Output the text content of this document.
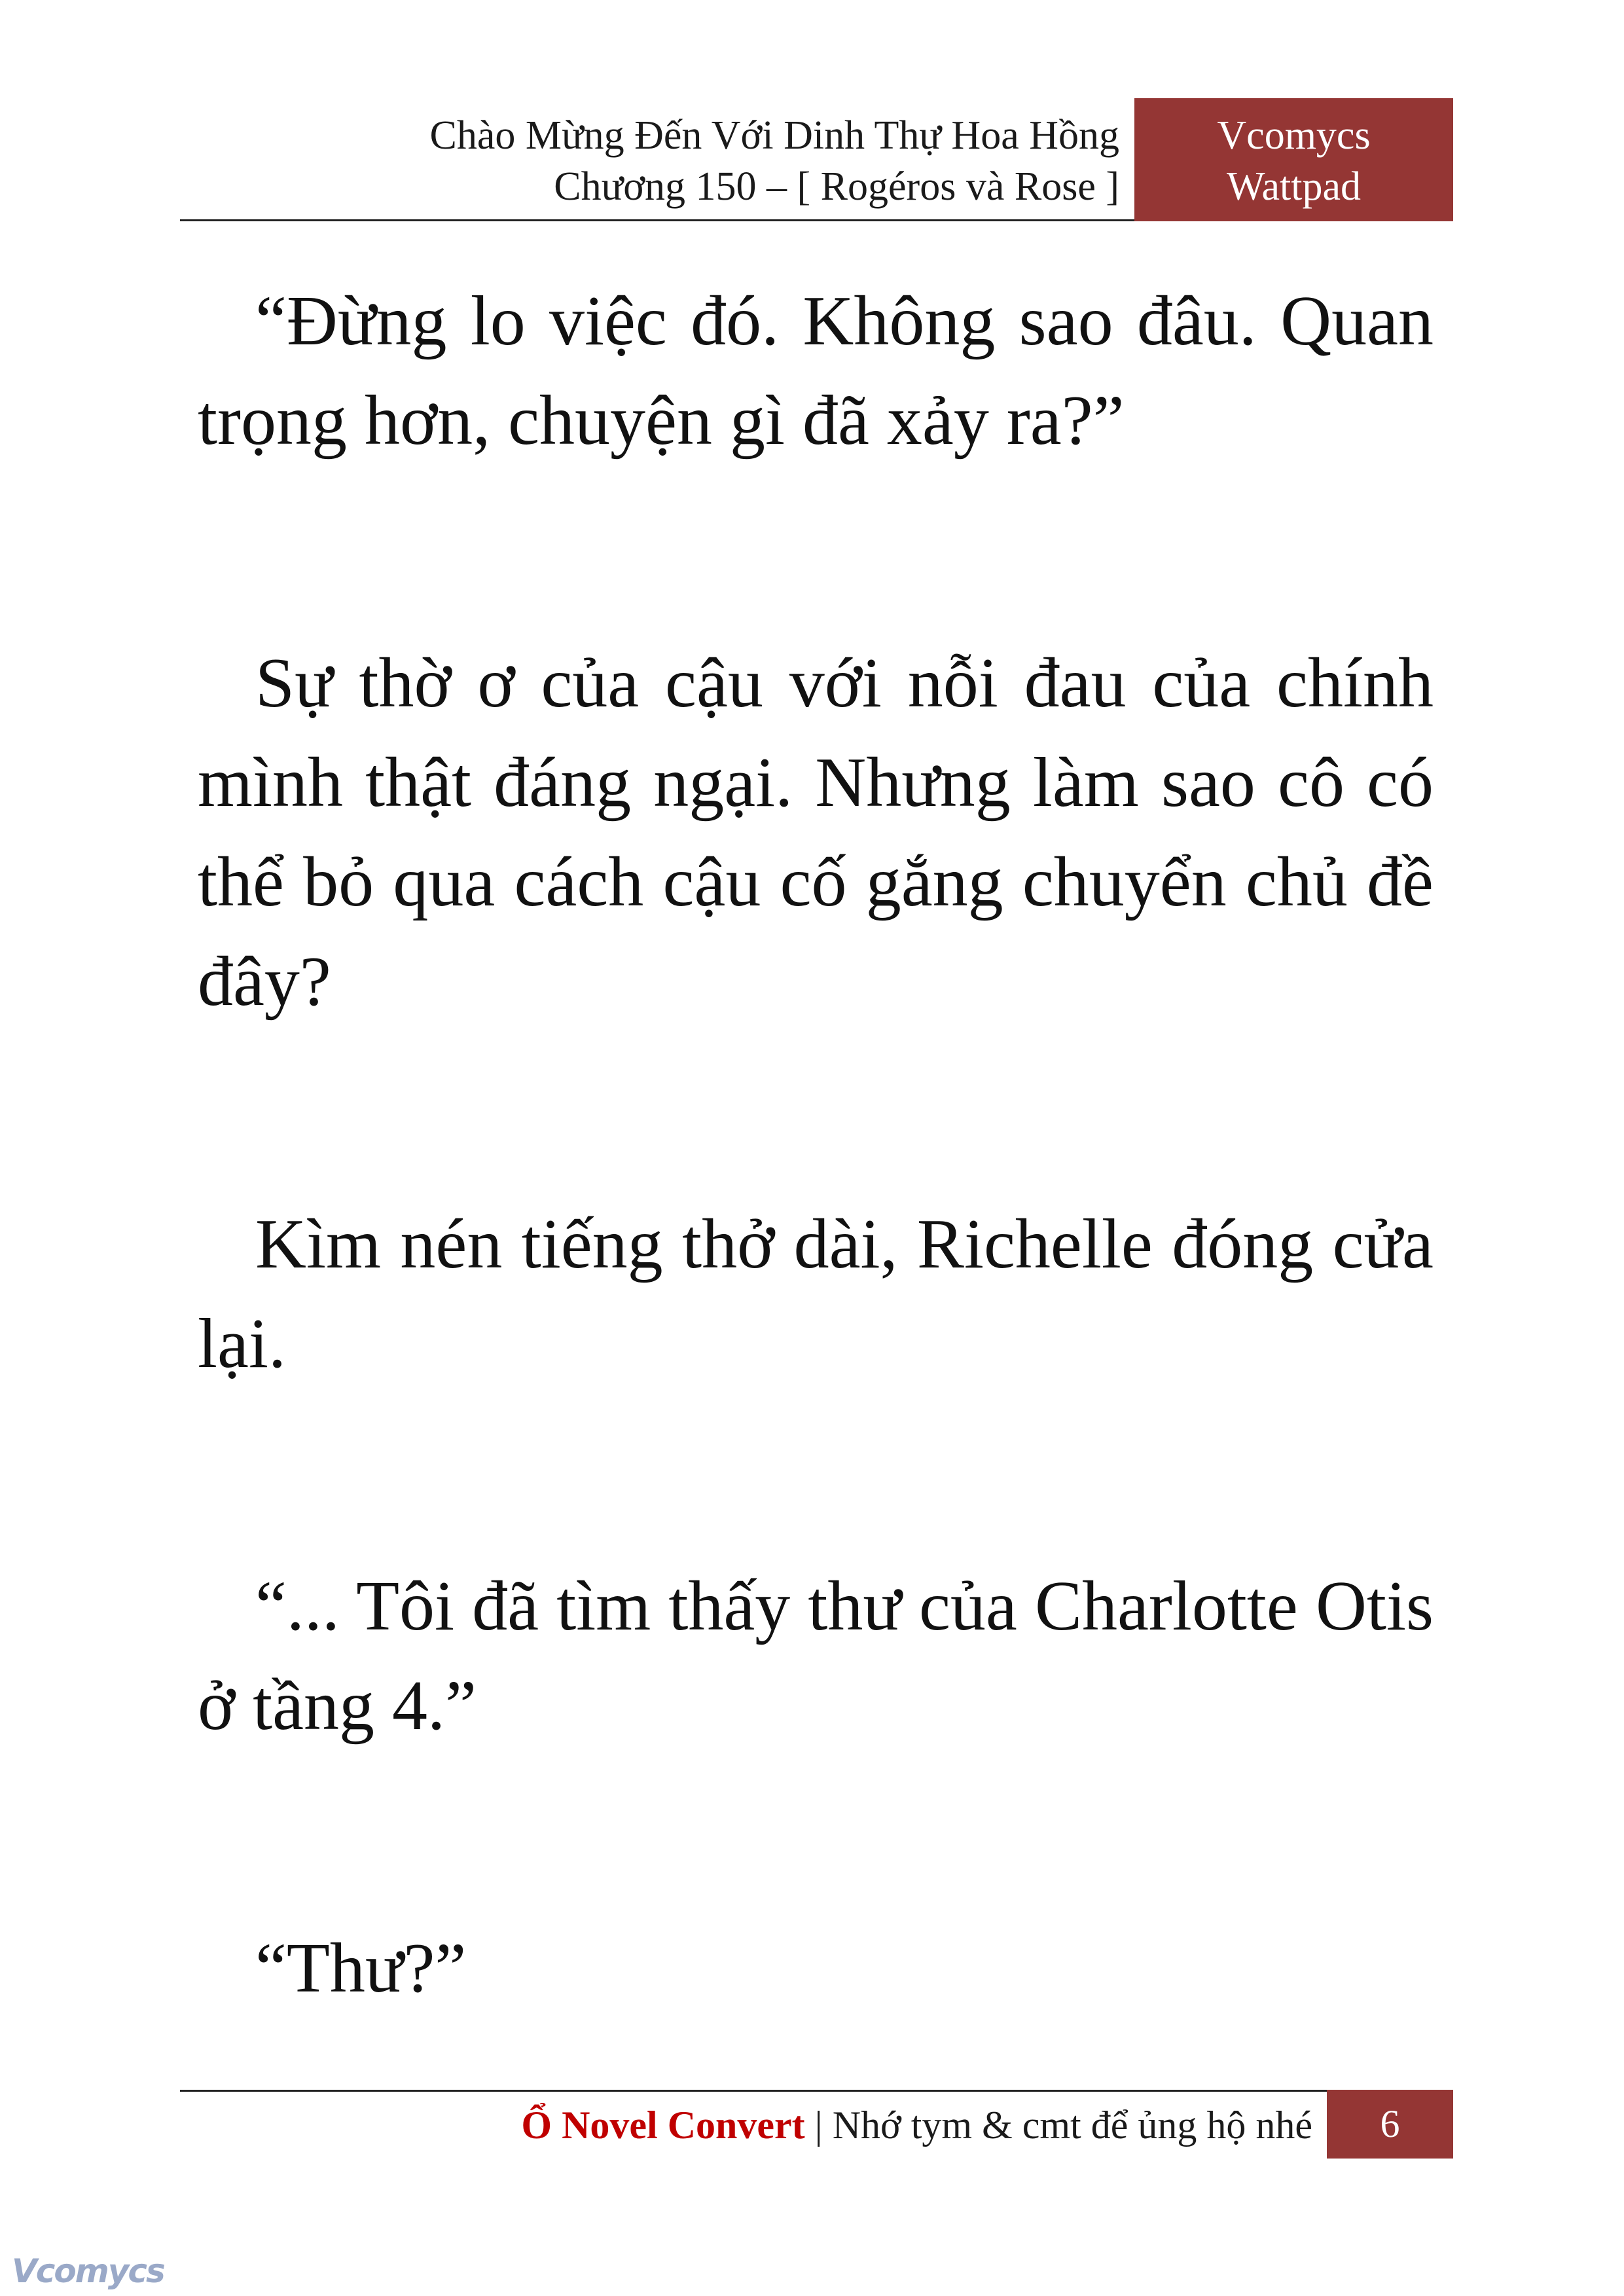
Chào Mừng Đến Với Dinh Thự Hoa Hồng
Chương 150 – [ Rogéros và Rose ]
Vcomycs
Wattpad

“Đừng lo việc đó. Không sao đâu. Quan trọng hơn, chuyện gì đã xảy ra?”

Sự thờ ơ của cậu với nỗi đau của chính mình thật đáng ngại. Nhưng làm sao cô có thể bỏ qua cách cậu cố gắng chuyển chủ đề đây?

Kìm nén tiếng thở dài, Richelle đóng cửa lại.

“... Tôi đã tìm thấy thư của Charlotte Otis ở tầng 4.”

“Thư?”

Ổ Novel Convert | Nhớ tym & cmt để ủng hộ nhé	6
Vcomycs
